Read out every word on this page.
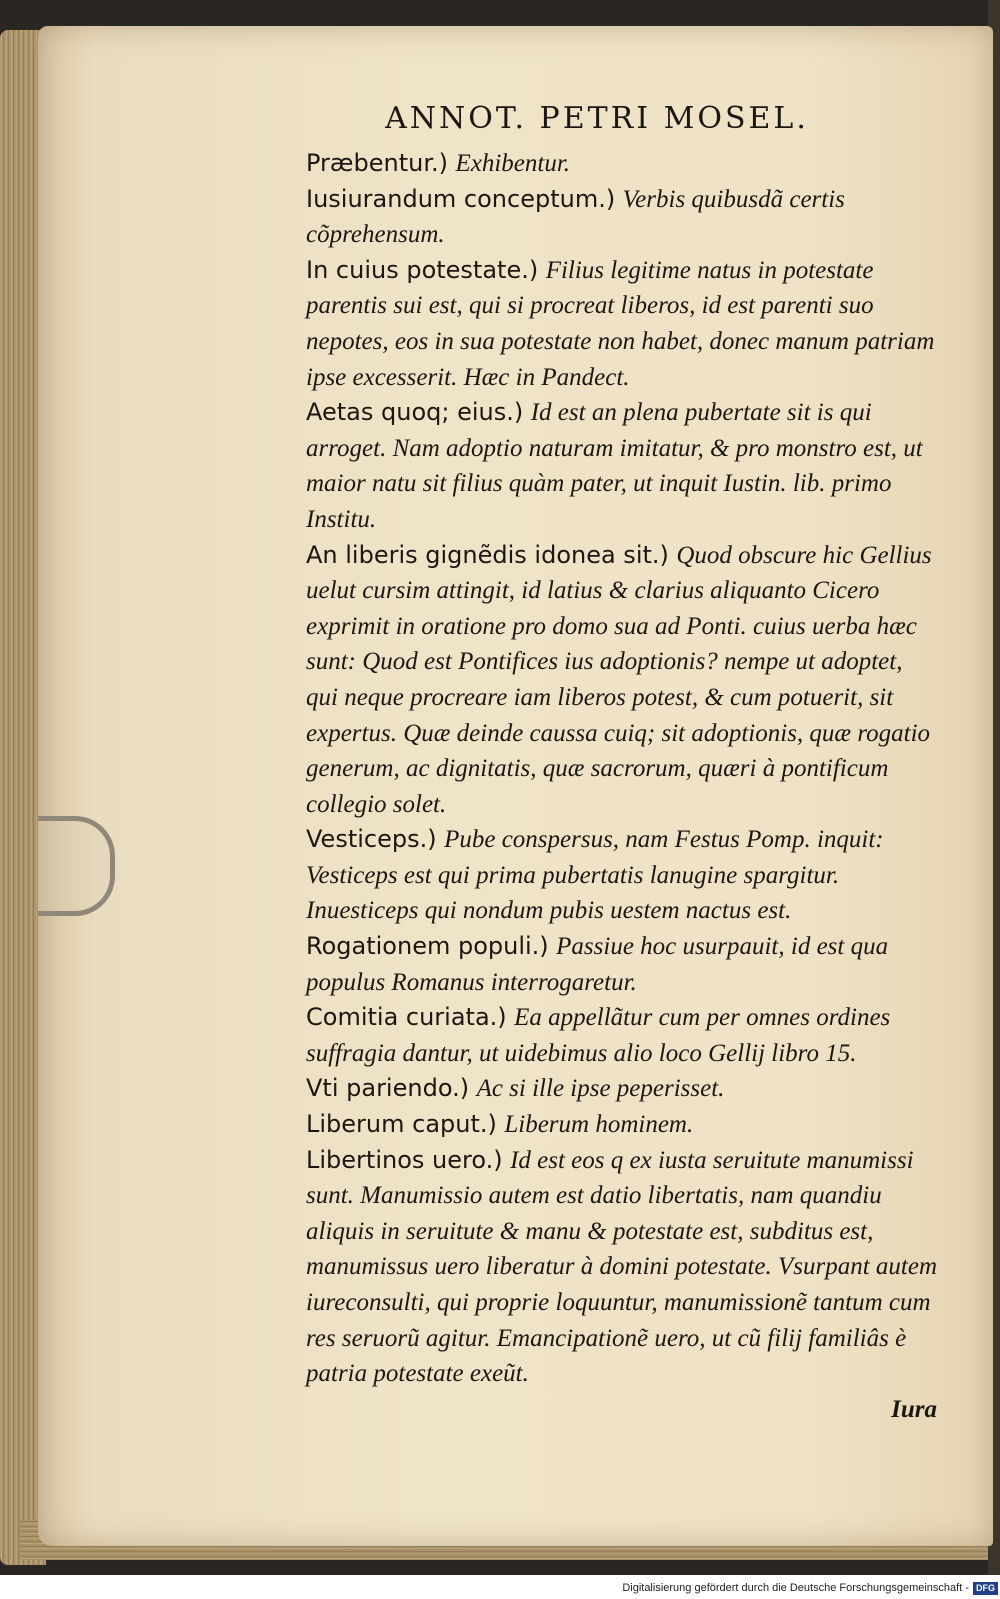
ANNOT. PETRI MOSEL.

Præbentur.) Exhibentur.

Iusiurandum conceptum.) Verbis quibusdã certis cõprehensum.

In cuius potestate.) Filius legitime natus in potestate parentis sui est, qui si procreat liberos, id est parenti suo nepotes, eos in sua potestate non habet, donec manum patriam ipse excesserit. Hæc in Pandect.

Aetas quoq; eius.) Id est an plena pubertate sit is qui arroget. Nam adoptio naturam imitatur, & pro monstro est, ut maior natu sit filius quàm pater, ut inquit Iustin. lib. primo Institu.

An liberis gignẽdis idonea sit.) Quod obscure hic Gellius uelut cursim attingit, id latius & clarius aliquanto Cicero exprimit in oratione pro domo sua ad Ponti. cuius uerba hæc sunt: Quod est Pontifices ius adoptionis? nempe ut adoptet, qui neque procreare iam liberos potest, & cum potuerit, sit expertus. Quæ deinde caussa cuiq; sit adoptionis, quæ rogatio generum, ac dignitatis, quæ sacrorum, quæri à pontificum collegio solet.

Vesticeps.) Pube conspersus, nam Festus Pomp. inquit: Vesticeps est qui prima pubertatis lanugine spargitur. Inuesticeps qui nondum pubis uestem nactus est.

Rogationem populi.) Passiue hoc usurpauit, id est qua populus Romanus interrogaretur.

Comitia curiata.) Ea appellãtur cum per omnes ordines suffragia dantur, ut uidebimus alio loco Gellij libro 15.

Vti pariendo.) Ac si ille ipse peperisset.

Liberum caput.) Liberum hominem.

Libertinos uero.) Id est eos q ex iusta seruitute manumissi sunt. Manumissio autem est datio libertatis, nam quandiu aliquis in seruitute & manu & potestate est, subditus est, manumissus uero liberatur à domini potestate. Vsurpant autem iureconsulti, qui proprie loquuntur, manumissionẽ tantum cum res seruorũ agitur. Emancipationẽ uero, ut cũ filij familiâs è patria potestate exeũt.

Iura
Digitalisierung gefördert durch die Deutsche Forschungsgemeinschaft - DFG
